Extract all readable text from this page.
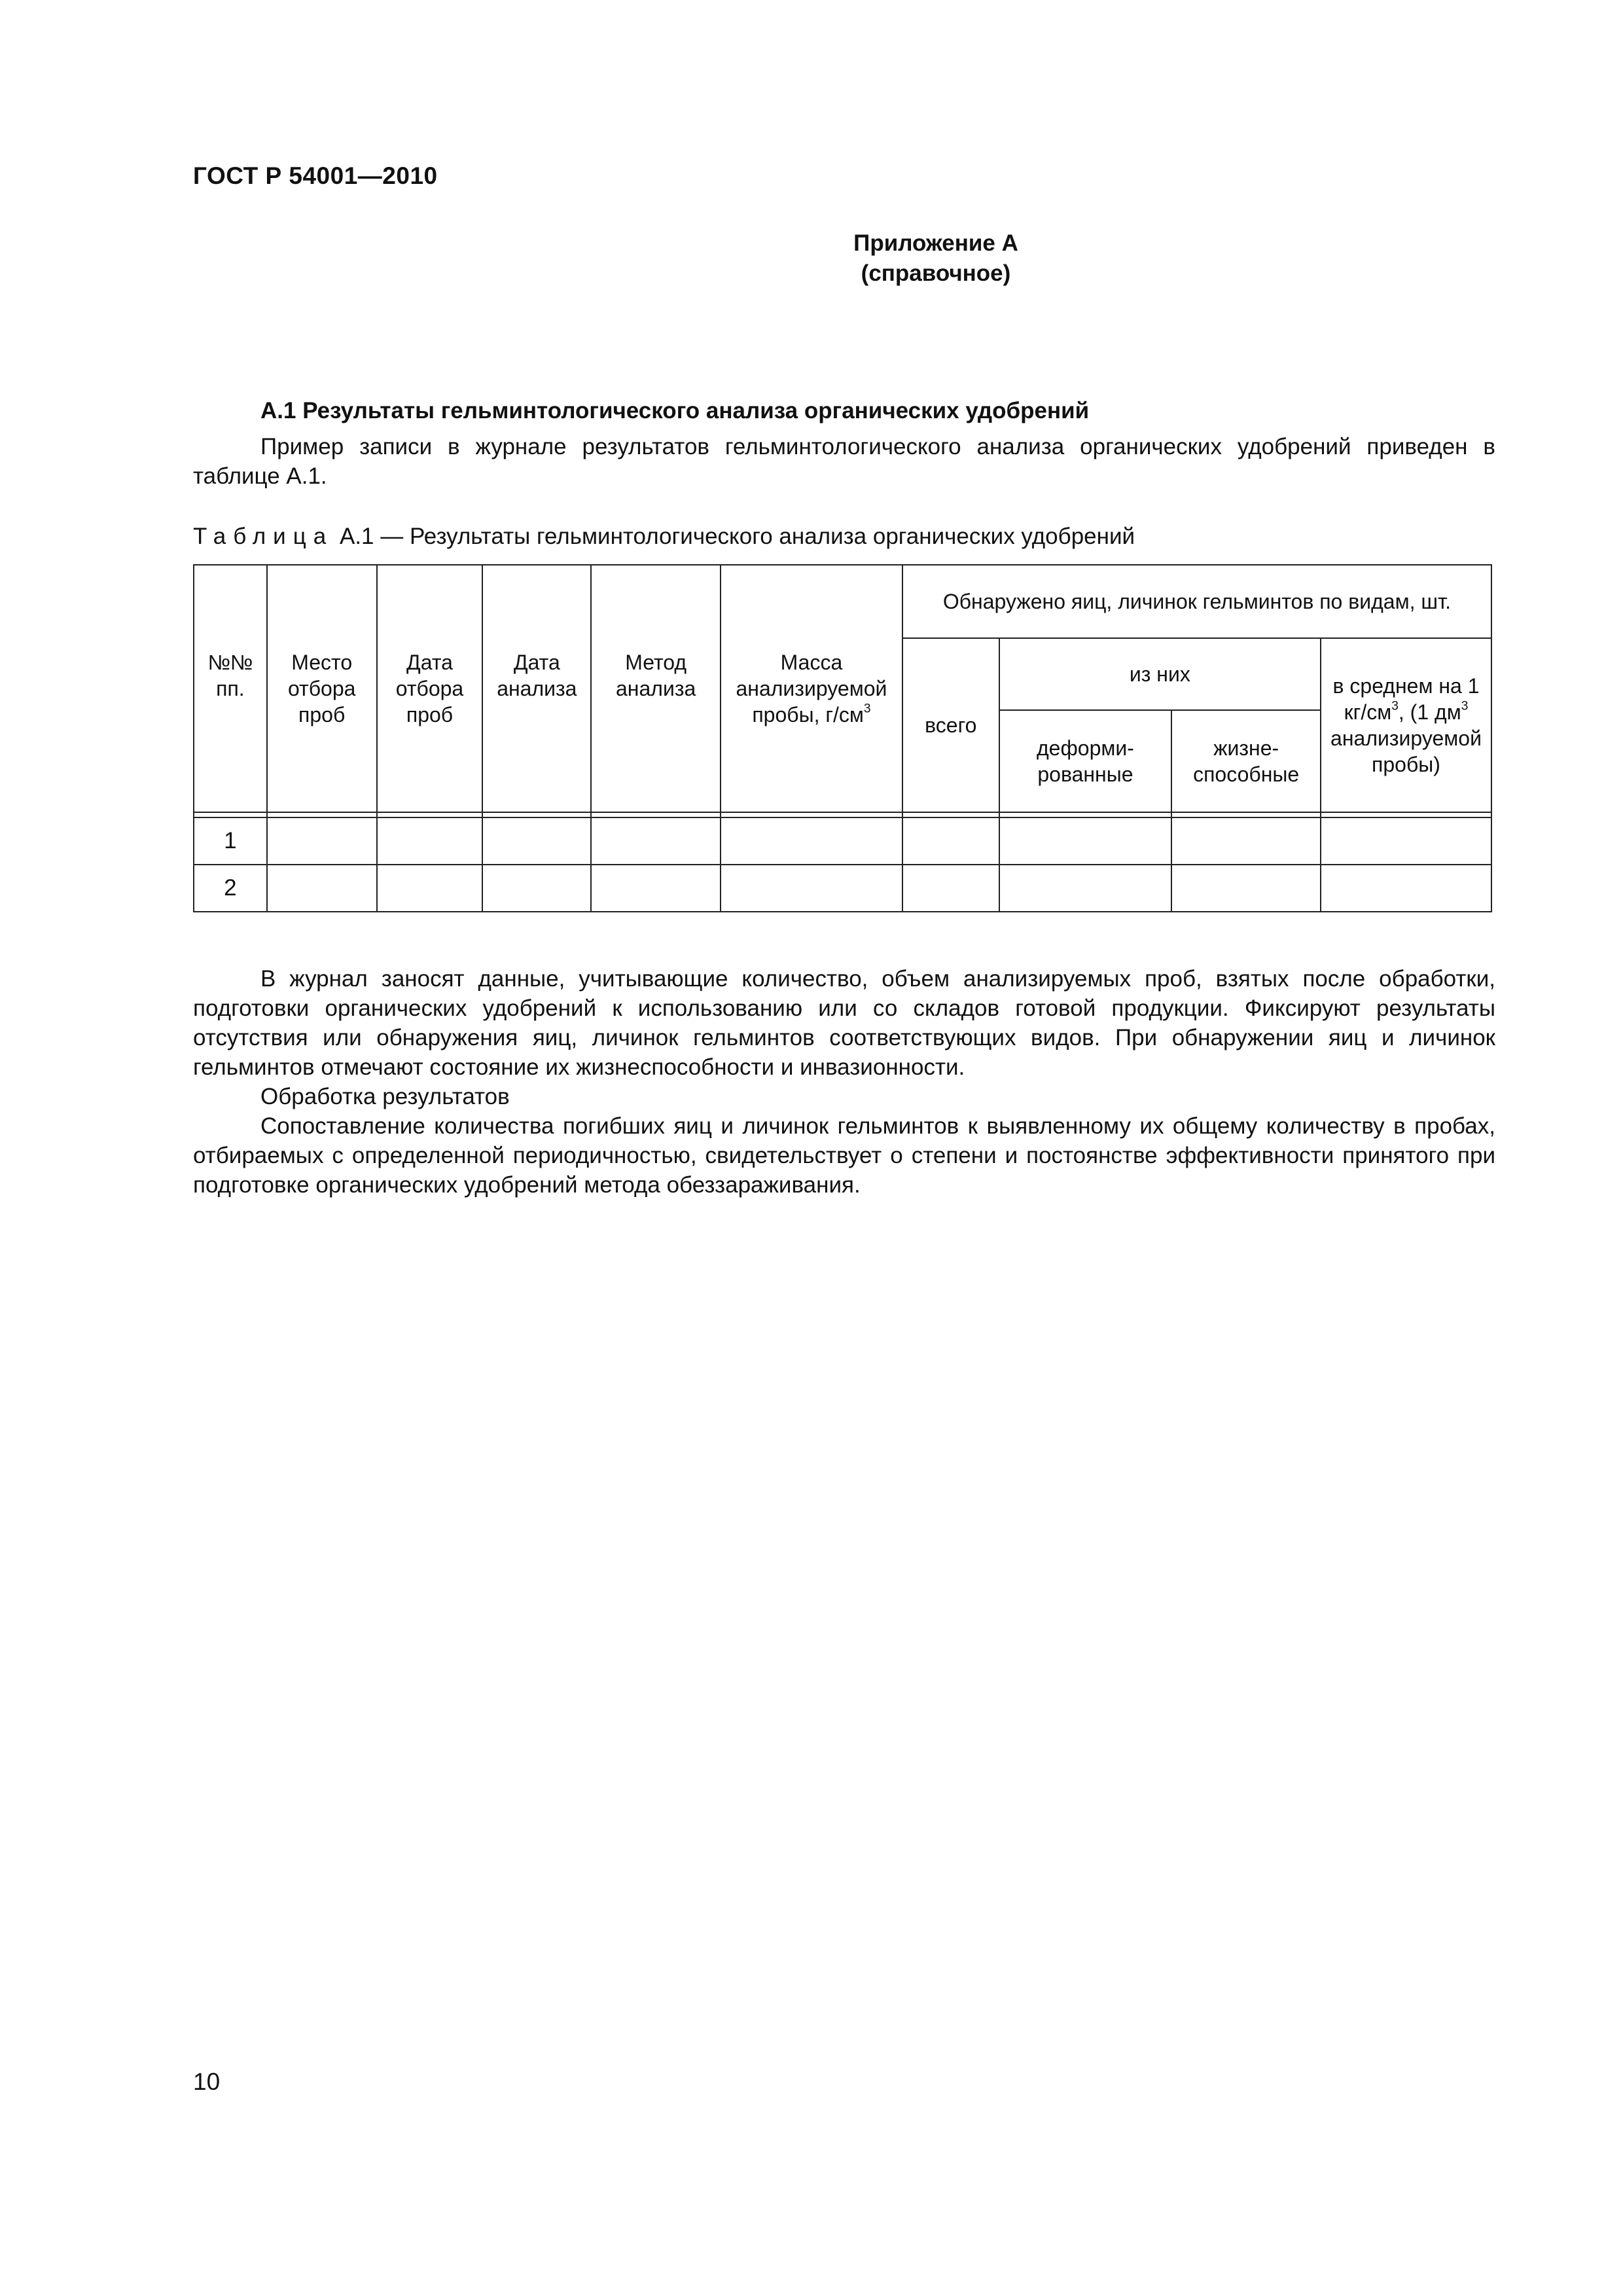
ГОСТ Р 54001—2010
Приложение А
(справочное)
А.1 Результаты гельминтологического анализа органических удобрений
Пример записи в журнале результатов гельминтологического анализа органических удобрений приведен в таблице А.1.
Таблица А.1 — Результаты гельминтологического анализа органических удобрений
№№ пп.	Место отбора проб	Дата отбора проб	Дата анализа	Метод анализа	Масса анализируемой пробы, $г/см^3$	Обнаружено яиц, личинок гельминтов по видам, шт.			
						всего	из них		в среднем на 1 $кг/см^3$, (1 $дм^3$ анализируемой пробы)
							деформи-рованные	жизне-способные	

1									
2									
В журнал заносят данные, учитывающие количество, объем анализируемых проб, взятых после обработки, подготовки органических удобрений к использованию или со складов готовой продукции. Фиксируют результаты отсутствия или обнаружения яиц, личинок гельминтов соответствующих видов. При обнаружении яиц и личинок гельминтов отмечают состояние их жизнеспособности и инвазионности.
Обработка результатов
Сопоставление количества погибших яиц и личинок гельминтов к выявленному их общему количеству в пробах, отбираемых с определенной периодичностью, свидетельствует о степени и постоянстве эффективности принятого при подготовке органических удобрений метода обеззараживания.
10
